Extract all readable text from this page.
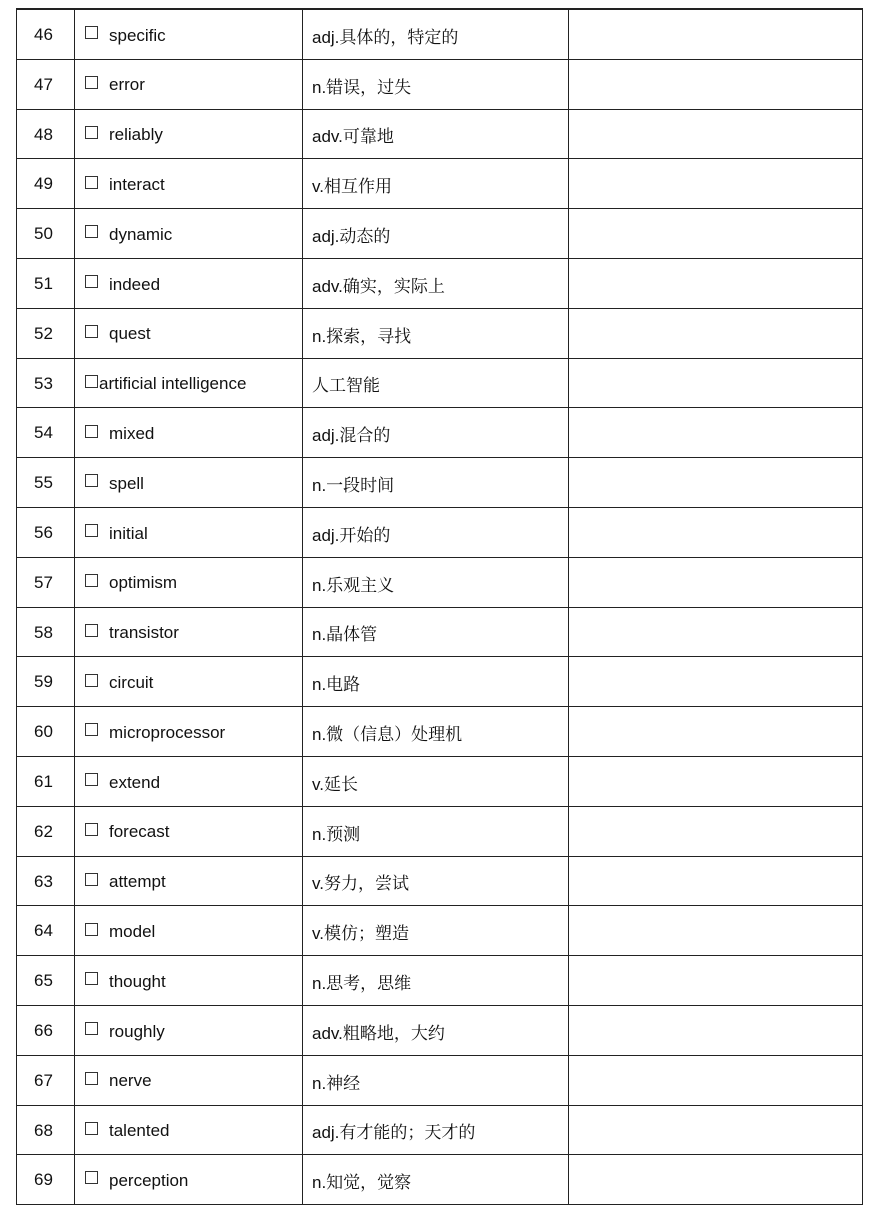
46	specific	adj.具体的，特定的	
47	error	n.错误，过失	
48	reliably	adv.可靠地	
49	interact	v.相互作用	
50	dynamic	adj.动态的	
51	indeed	adv.确实，实际上	
52	quest	n.探索，寻找	
53	artificial intelligence	人工智能	
54	mixed	adj.混合的	
55	spell	n.一段时间	
56	initial	adj.开始的	
57	optimism	n.乐观主义	
58	transistor	n.晶体管	
59	circuit	n.电路	
60	microprocessor	n.微（信息）处理机	
61	extend	v.延长	
62	forecast	n.预测	
63	attempt	v.努力，尝试	
64	model	v.模仿；塑造	
65	thought	n.思考，思维	
66	roughly	adv.粗略地，大约	
67	nerve	n.神经	
68	talented	adj.有才能的；天才的	
69	perception	n.知觉，觉察	
